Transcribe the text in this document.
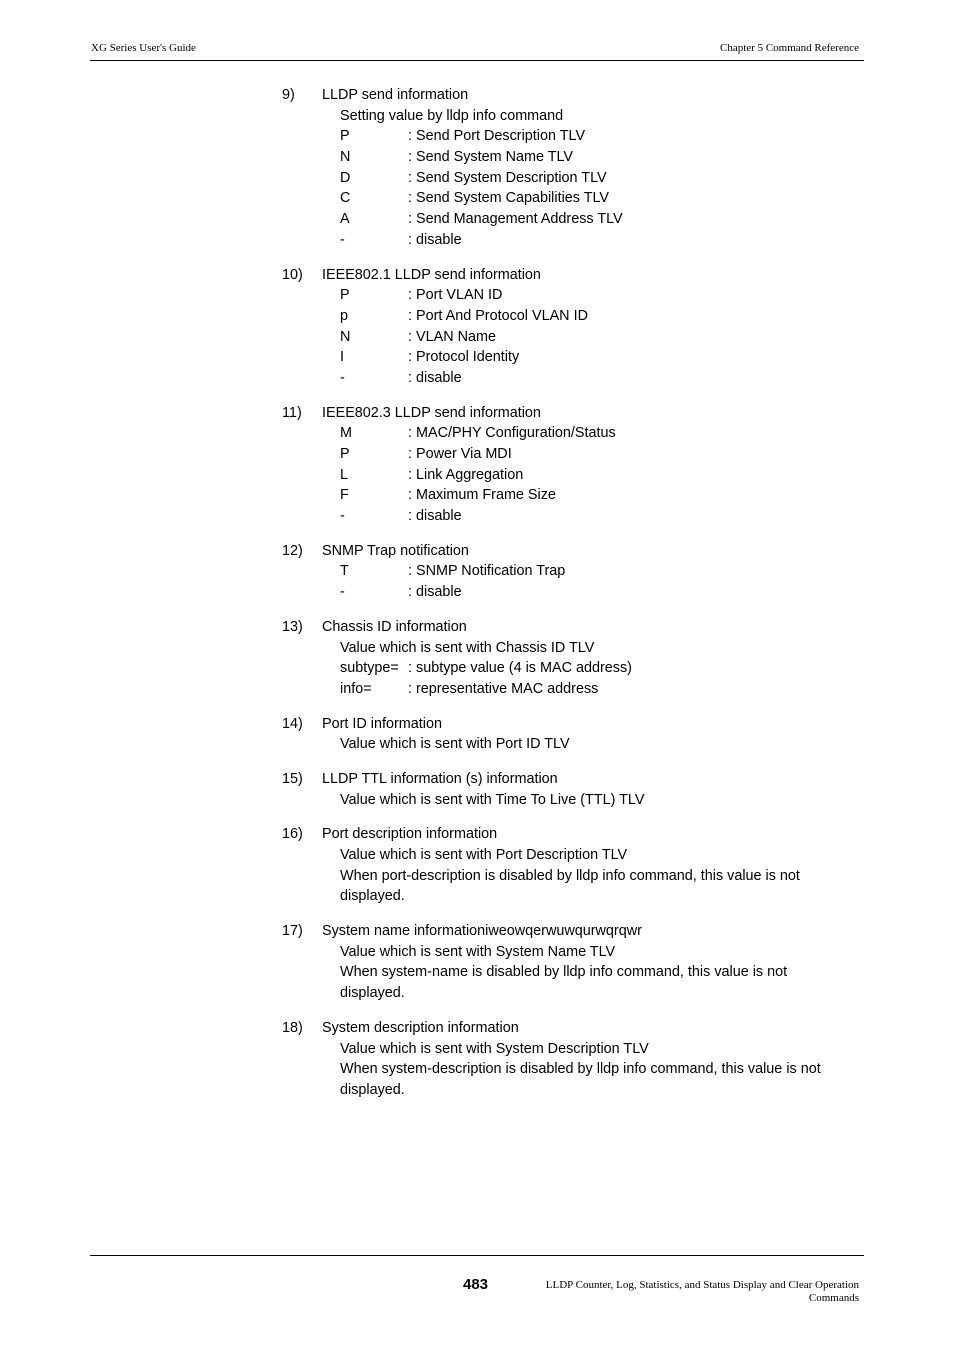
XG Series User's Guide	Chapter 5 Command Reference
9) LLDP send information
Setting value by lldp info command
P	: Send Port Description TLV
N	: Send System Name TLV
D	: Send System Description TLV
C	: Send System Capabilities TLV
A	: Send Management Address TLV
-	: disable
10) IEEE802.1 LLDP send information
P	: Port VLAN ID
p	: Port And Protocol VLAN ID
N	: VLAN Name
I	: Protocol Identity
-	: disable
11) IEEE802.3 LLDP send information
M	: MAC/PHY Configuration/Status
P	: Power Via MDI
L	: Link Aggregation
F	: Maximum Frame Size
-	: disable
12) SNMP Trap notification
T	: SNMP Notification Trap
-	: disable
13) Chassis ID information
Value which is sent with Chassis ID TLV
subtype= : subtype value (4 is MAC address)
info=	: representative MAC address
14) Port ID information
Value which is sent with Port ID TLV
15) LLDP TTL information (s) information
Value which is sent with Time To Live (TTL) TLV
16) Port description information
Value which is sent with Port Description TLV
When port-description is disabled by lldp info command, this value is not displayed.
17) System name informationiweowqerwuwqurwqrqwr
Value which is sent with System Name TLV
When system-name is disabled by lldp info command, this value is not displayed.
18) System description information
Value which is sent with System Description TLV
When system-description is disabled by lldp info command, this value is not displayed.
483	LLDP Counter, Log, Statistics, and Status Display and Clear Operation
Commands
